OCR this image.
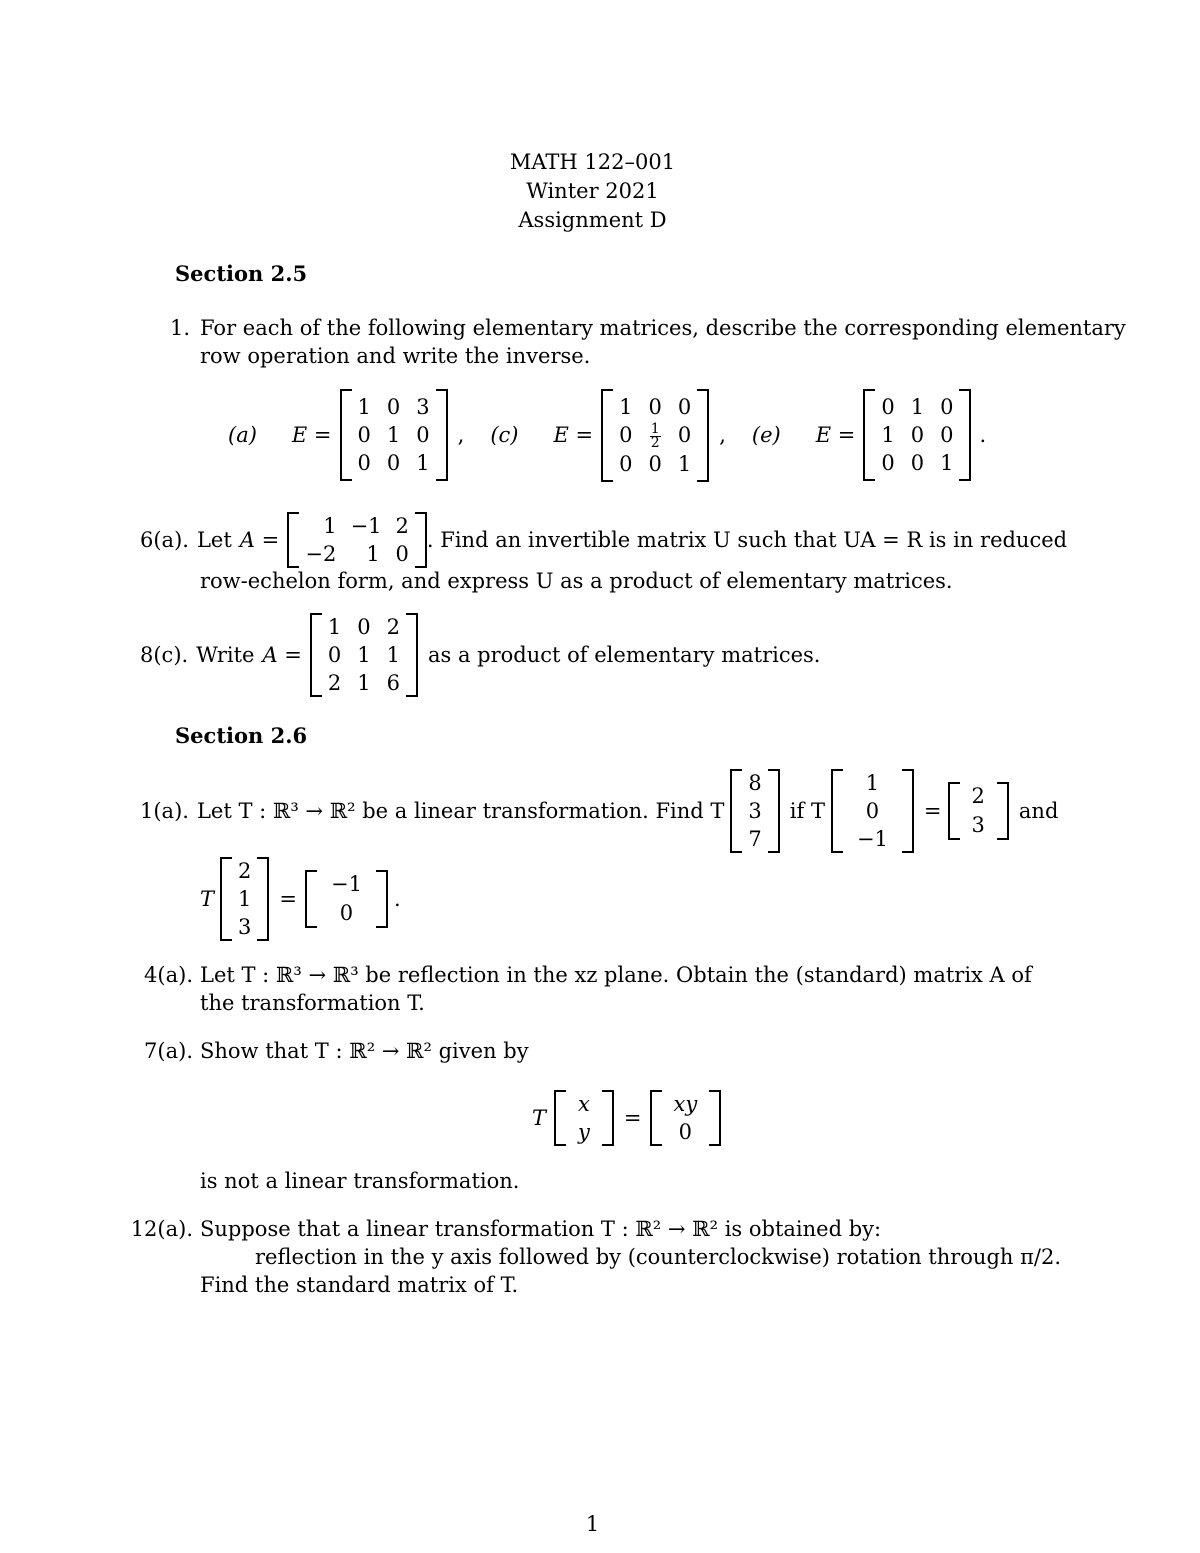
MATH 122–001
Winter 2021
Assignment D
Section 2.5
1. For each of the following elementary matrices, describe the corresponding elementary
row operation and write the inverse.
(a) E =
1 0 3
0 1 0
0 0 1
, (c) E =
1 0 0
$0 \frac{1}{2} 0$
0 0 1
, (e) E =
0 1 0
1 0 0
0 0 1
.
6(a). Let A =
1 −1 2
−2	1 0
. Find an invertible matrix U such that UA = R is in reduced
row-echelon form, and express U as a product of elementary matrices.
8(c). Write A =
1 0 2
0 1 1
2 1 6
as a product of elementary matrices.
Section 2.6
1(a). Let T : ℝ³ → ℝ² be a linear transformation. Find T
8
3
7
if T
1
0
−1
=
2
3
and
T
2
1
3
=
−1
0
.
4(a). Let T : ℝ³ → ℝ³ be reflection in the xz plane. Obtain the (standard) matrix A of
the transformation T.
7(a). Show that T : ℝ² → ℝ² given by
T
x
y
=
xy
0
is not a linear transformation.
12(a). Suppose that a linear transformation T : ℝ² → ℝ² is obtained by:
reflection in the y axis followed by (counterclockwise) rotation through π/2.
Find the standard matrix of T.
1
